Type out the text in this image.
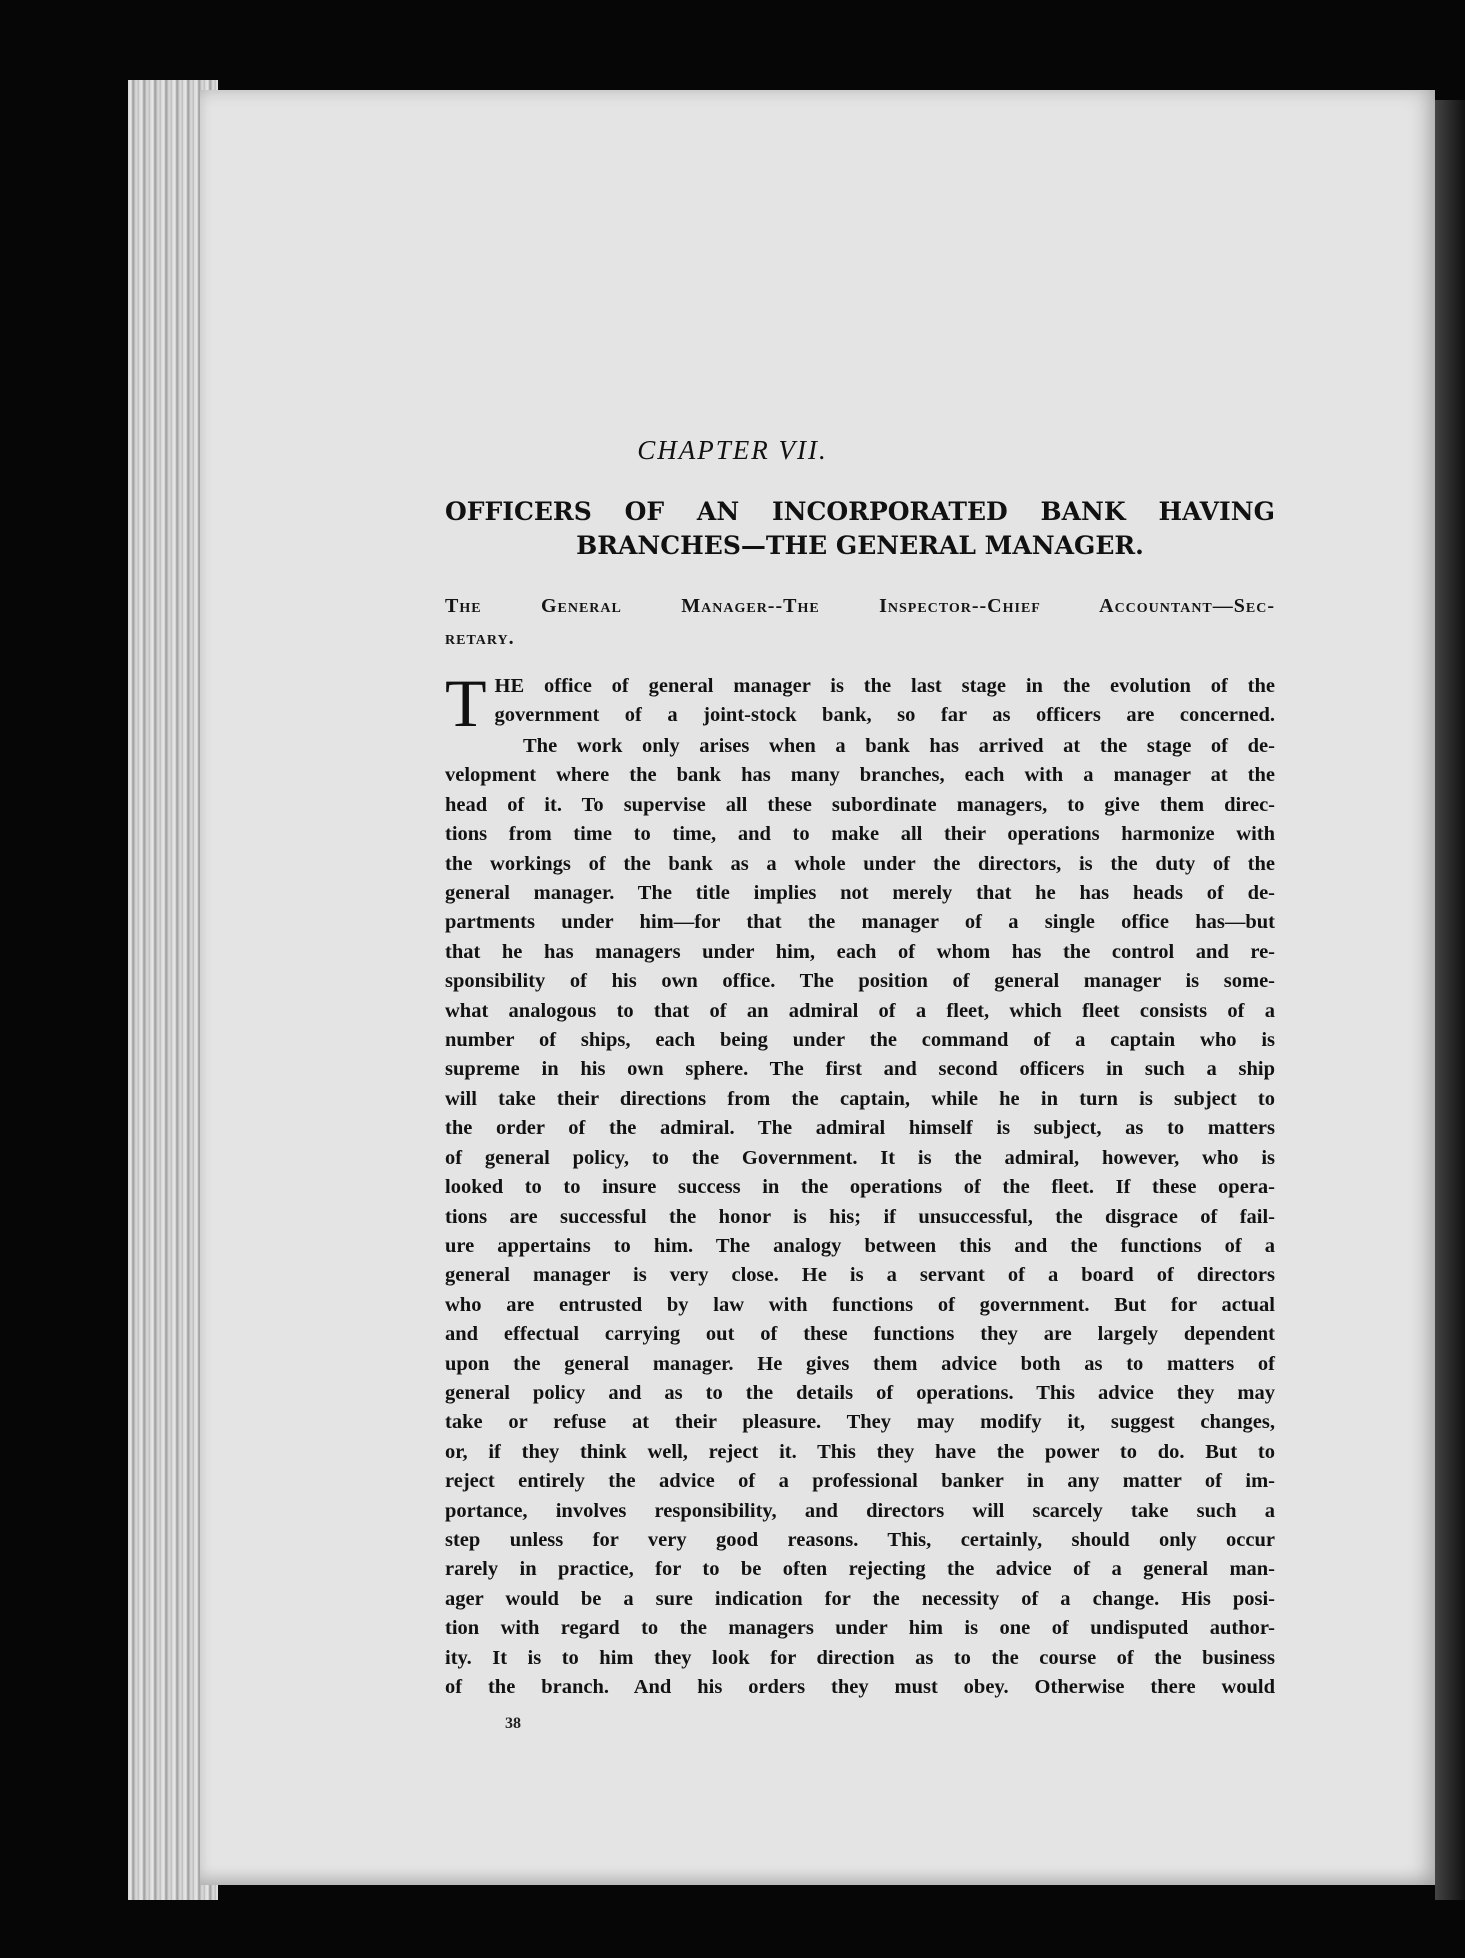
CHAPTER VII.
OFFICERS OF AN INCORPORATED BANK HAVING
BRANCHES—THE GENERAL MANAGER.
The General Manager--The Inspector--Chief Accountant—Sec-
retary.
T HE office of general manager is the last stage in the evolution of the
government of a joint-stock bank, so far as officers are concerned.
The work only arises when a bank has arrived at the stage of de-
velopment where the bank has many branches, each with a manager at the
head of it. To supervise all these subordinate managers, to give them direc-
tions from time to time, and to make all their operations harmonize with
the workings of the bank as a whole under the directors, is the duty of the
general manager. The title implies not merely that he has heads of de-
partments under him—for that the manager of a single office has—but
that he has managers under him, each of whom has the control and re-
sponsibility of his own office. The position of general manager is some-
what analogous to that of an admiral of a fleet, which fleet consists of a
number of ships, each being under the command of a captain who is
supreme in his own sphere. The first and second officers in such a ship
will take their directions from the captain, while he in turn is subject to
the order of the admiral. The admiral himself is subject, as to matters
of general policy, to the Government. It is the admiral, however, who is
looked to to insure success in the operations of the fleet. If these opera-
tions are successful the honor is his; if unsuccessful, the disgrace of fail-
ure appertains to him. The analogy between this and the functions of a
general manager is very close. He is a servant of a board of directors
who are entrusted by law with functions of government. But for actual
and effectual carrying out of these functions they are largely dependent
upon the general manager. He gives them advice both as to matters of
general policy and as to the details of operations. This advice they may
take or refuse at their pleasure. They may modify it, suggest changes,
or, if they think well, reject it. This they have the power to do. But to
reject entirely the advice of a professional banker in any matter of im-
portance, involves responsibility, and directors will scarcely take such a
step unless for very good reasons. This, certainly, should only occur
rarely in practice, for to be often rejecting the advice of a general man-
ager would be a sure indication for the necessity of a change. His posi-
tion with regard to the managers under him is one of undisputed author-
ity. It is to him they look for direction as to the course of the business
of the branch. And his orders they must obey. Otherwise there would
38
